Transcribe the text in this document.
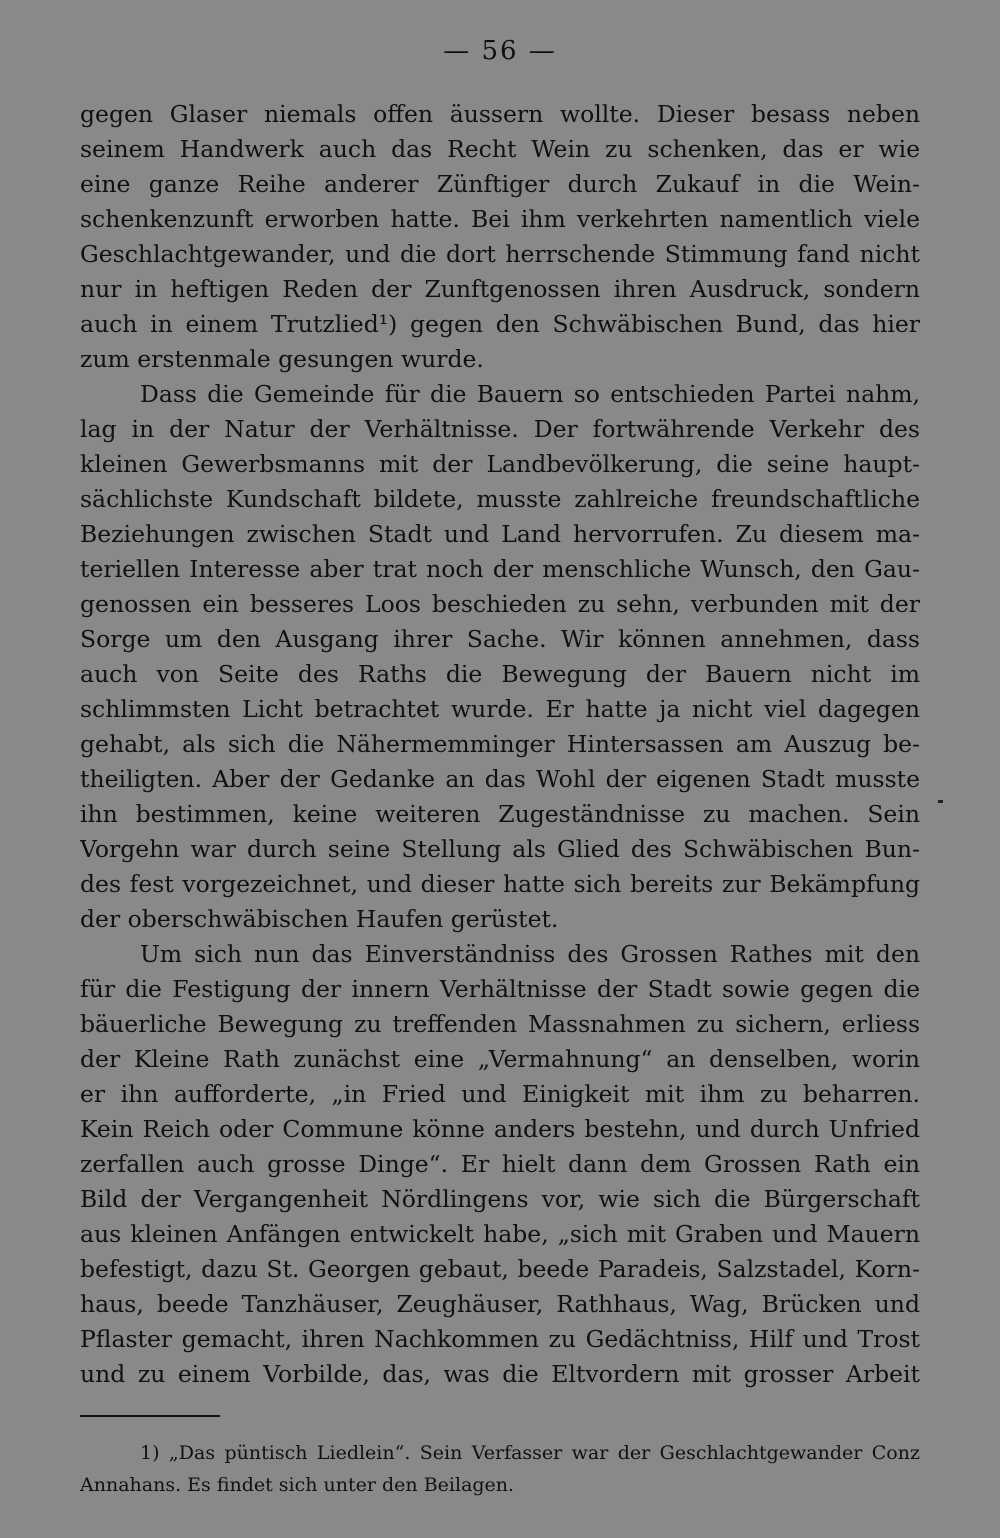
— 56 —
gegen Glaser niemals offen äussern wollte. Dieser besass neben
seinem Handwerk auch das Recht Wein zu schenken, das er wie
eine ganze Reihe anderer Zünftiger durch Zukauf in die Wein-
schenkenzunft erworben hatte. Bei ihm verkehrten namentlich viele
Geschlachtgewander, und die dort herrschende Stimmung fand nicht
nur in heftigen Reden der Zunftgenossen ihren Ausdruck, sondern
auch in einem Trutzlied¹) gegen den Schwäbischen Bund, das hier
zum erstenmale gesungen wurde.
Dass die Gemeinde für die Bauern so entschieden Partei nahm,
lag in der Natur der Verhältnisse. Der fortwährende Verkehr des
kleinen Gewerbsmanns mit der Landbevölkerung, die seine haupt-
sächlichste Kundschaft bildete, musste zahlreiche freundschaftliche
Beziehungen zwischen Stadt und Land hervorrufen. Zu diesem ma-
teriellen Interesse aber trat noch der menschliche Wunsch, den Gau-
genossen ein besseres Loos beschieden zu sehn, verbunden mit der
Sorge um den Ausgang ihrer Sache. Wir können annehmen, dass
auch von Seite des Raths die Bewegung der Bauern nicht im
schlimmsten Licht betrachtet wurde. Er hatte ja nicht viel dagegen
gehabt, als sich die Nähermemminger Hintersassen am Auszug be-
theiligten. Aber der Gedanke an das Wohl der eigenen Stadt musste
ihn bestimmen, keine weiteren Zugeständnisse zu machen. Sein
Vorgehn war durch seine Stellung als Glied des Schwäbischen Bun-
des fest vorgezeichnet, und dieser hatte sich bereits zur Bekämpfung
der oberschwäbischen Haufen gerüstet.
Um sich nun das Einverständniss des Grossen Rathes mit den
für die Festigung der innern Verhältnisse der Stadt sowie gegen die
bäuerliche Bewegung zu treffenden Massnahmen zu sichern, erliess
der Kleine Rath zunächst eine „Vermahnung“ an denselben, worin
er ihn aufforderte, „in Fried und Einigkeit mit ihm zu beharren.
Kein Reich oder Commune könne anders bestehn, und durch Unfried
zerfallen auch grosse Dinge“. Er hielt dann dem Grossen Rath ein
Bild der Vergangenheit Nördlingens vor, wie sich die Bürgerschaft
aus kleinen Anfängen entwickelt habe, „sich mit Graben und Mauern
befestigt, dazu St. Georgen gebaut, beede Paradeis, Salzstadel, Korn-
haus, beede Tanzhäuser, Zeughäuser, Rathhaus, Wag, Brücken und
Pflaster gemacht, ihren Nachkommen zu Gedächtniss, Hilf und Trost
und zu einem Vorbilde, das, was die Eltvordern mit grosser Arbeit
1) „Das püntisch Liedlein“. Sein Verfasser war der Geschlachtgewander Conz
Annahans. Es findet sich unter den Beilagen.
